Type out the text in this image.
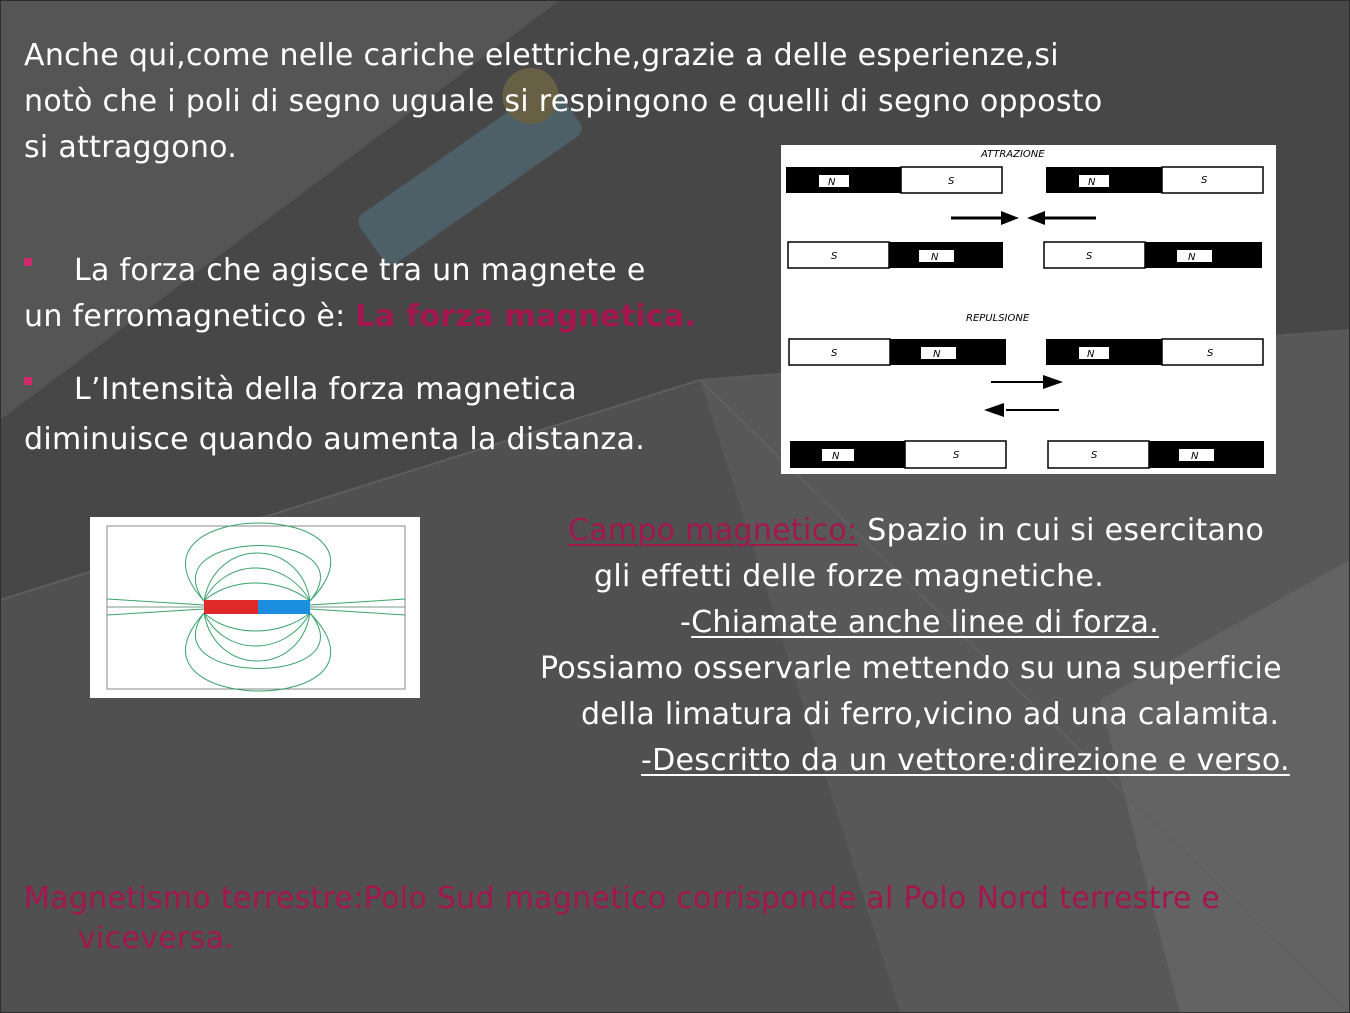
Anche qui,come nelle cariche elettriche,grazie a delle esperienze,si

notò che i poli di segno uguale si respingono e quelli di segno opposto

si attraggono.

La forza che agisce tra un magnete e

un ferromagnetico è: La forza magnetica.

L’Intensità della forza magnetica

diminuisce quando aumenta la distanza.

ATTRAZIONE
N	S	N	S
S	N	S	N
REPULSIONE
S	N	N	S
N	S	S	N

Campo magnetico: Spazio in cui si esercitano

gli effetti delle forze magnetiche.

-Chiamate anche linee di forza.

Possiamo osservarle mettendo su una superficie

della limatura di ferro,vicino ad una calamita.

-Descritto da un vettore:direzione e verso.

Magnetismo terrestre:Polo Sud magnetico corrisponde al Polo Nord terrestre e

viceversa.
